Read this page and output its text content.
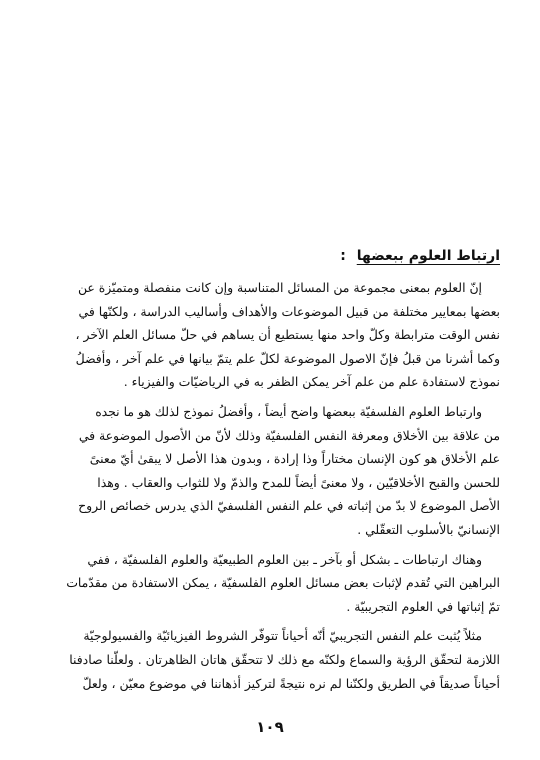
ارتباط العلوم ببعضها :
إنّ العلوم بمعنى مجموعة من المسائل المتناسبة وإن كانت منفصلة ومتميّزة عن
بعضها بمعايير مختلفة من قبيل الموضوعات والأهداف وأساليب الدراسة ، ولكنّها في
نفس الوقت مترابطة وكلّ واحد منها يستطيع أن يساهم في حلّ مسائل العلم الآخر ،
وكما أشرنا من قبلُ فإنّ الاصول الموضوعة لكلّ علم يتمّ بيانها في علم آخر ، وأفضلُ
نموذج لاستفادة علم من علم آخر يمكن الظفر به في الرياضيّات والفيزياء .
وارتباط العلوم الفلسفيّة ببعضها واضح أيضاً ، وأفضلُ نموذج لذلك هو ما نجده
من علاقة بين الأخلاق ومعرفة النفس الفلسفيّة وذلك لأنّ من الأصول الموضوعة في
علم الأخلاق هو كون الإنسان مختاراً وذا إرادة ، وبدون هذا الأصل لا يبقىٰ أيّ معنىً
للحسن والقبح الأخلاقيّين ، ولا معنىً أيضاً للمدح والذمّ ولا للثواب والعقاب . وهذا
الأصل الموضوع لا بدّ من إثباته في علم النفس الفلسفيّ الذي يدرس خصائص الروح
الإنسانيّ بالأسلوب التعقّلي .
وهناك ارتباطات ـ بشكل أو بآخر ـ بين العلوم الطبيعيّة والعلوم الفلسفيّة ، ففي
البراهين التي تُقدم لإثبات بعض مسائل العلوم الفلسفيّة ، يمكن الاستفادة من مقدّمات
تمّ إثباتها في العلوم التجريبيّة .
مثلاً يُثبت علم النفس التجريبيّ أنّه أحياناً تتوفّر الشروط الفيزيائيّة والفسيولوجيّة
اللازمة لتحقّق الرؤية والسماع ولكنّه مع ذلك لا تتحقّق هاتان الظاهرتان . ولعلّنا صادفنا
أحياناً صديقاً في الطريق ولكنّنا لم نره نتيجةً لتركيز أذهاننا في موضوع معيّن ، ولعلّ
١٠٩
